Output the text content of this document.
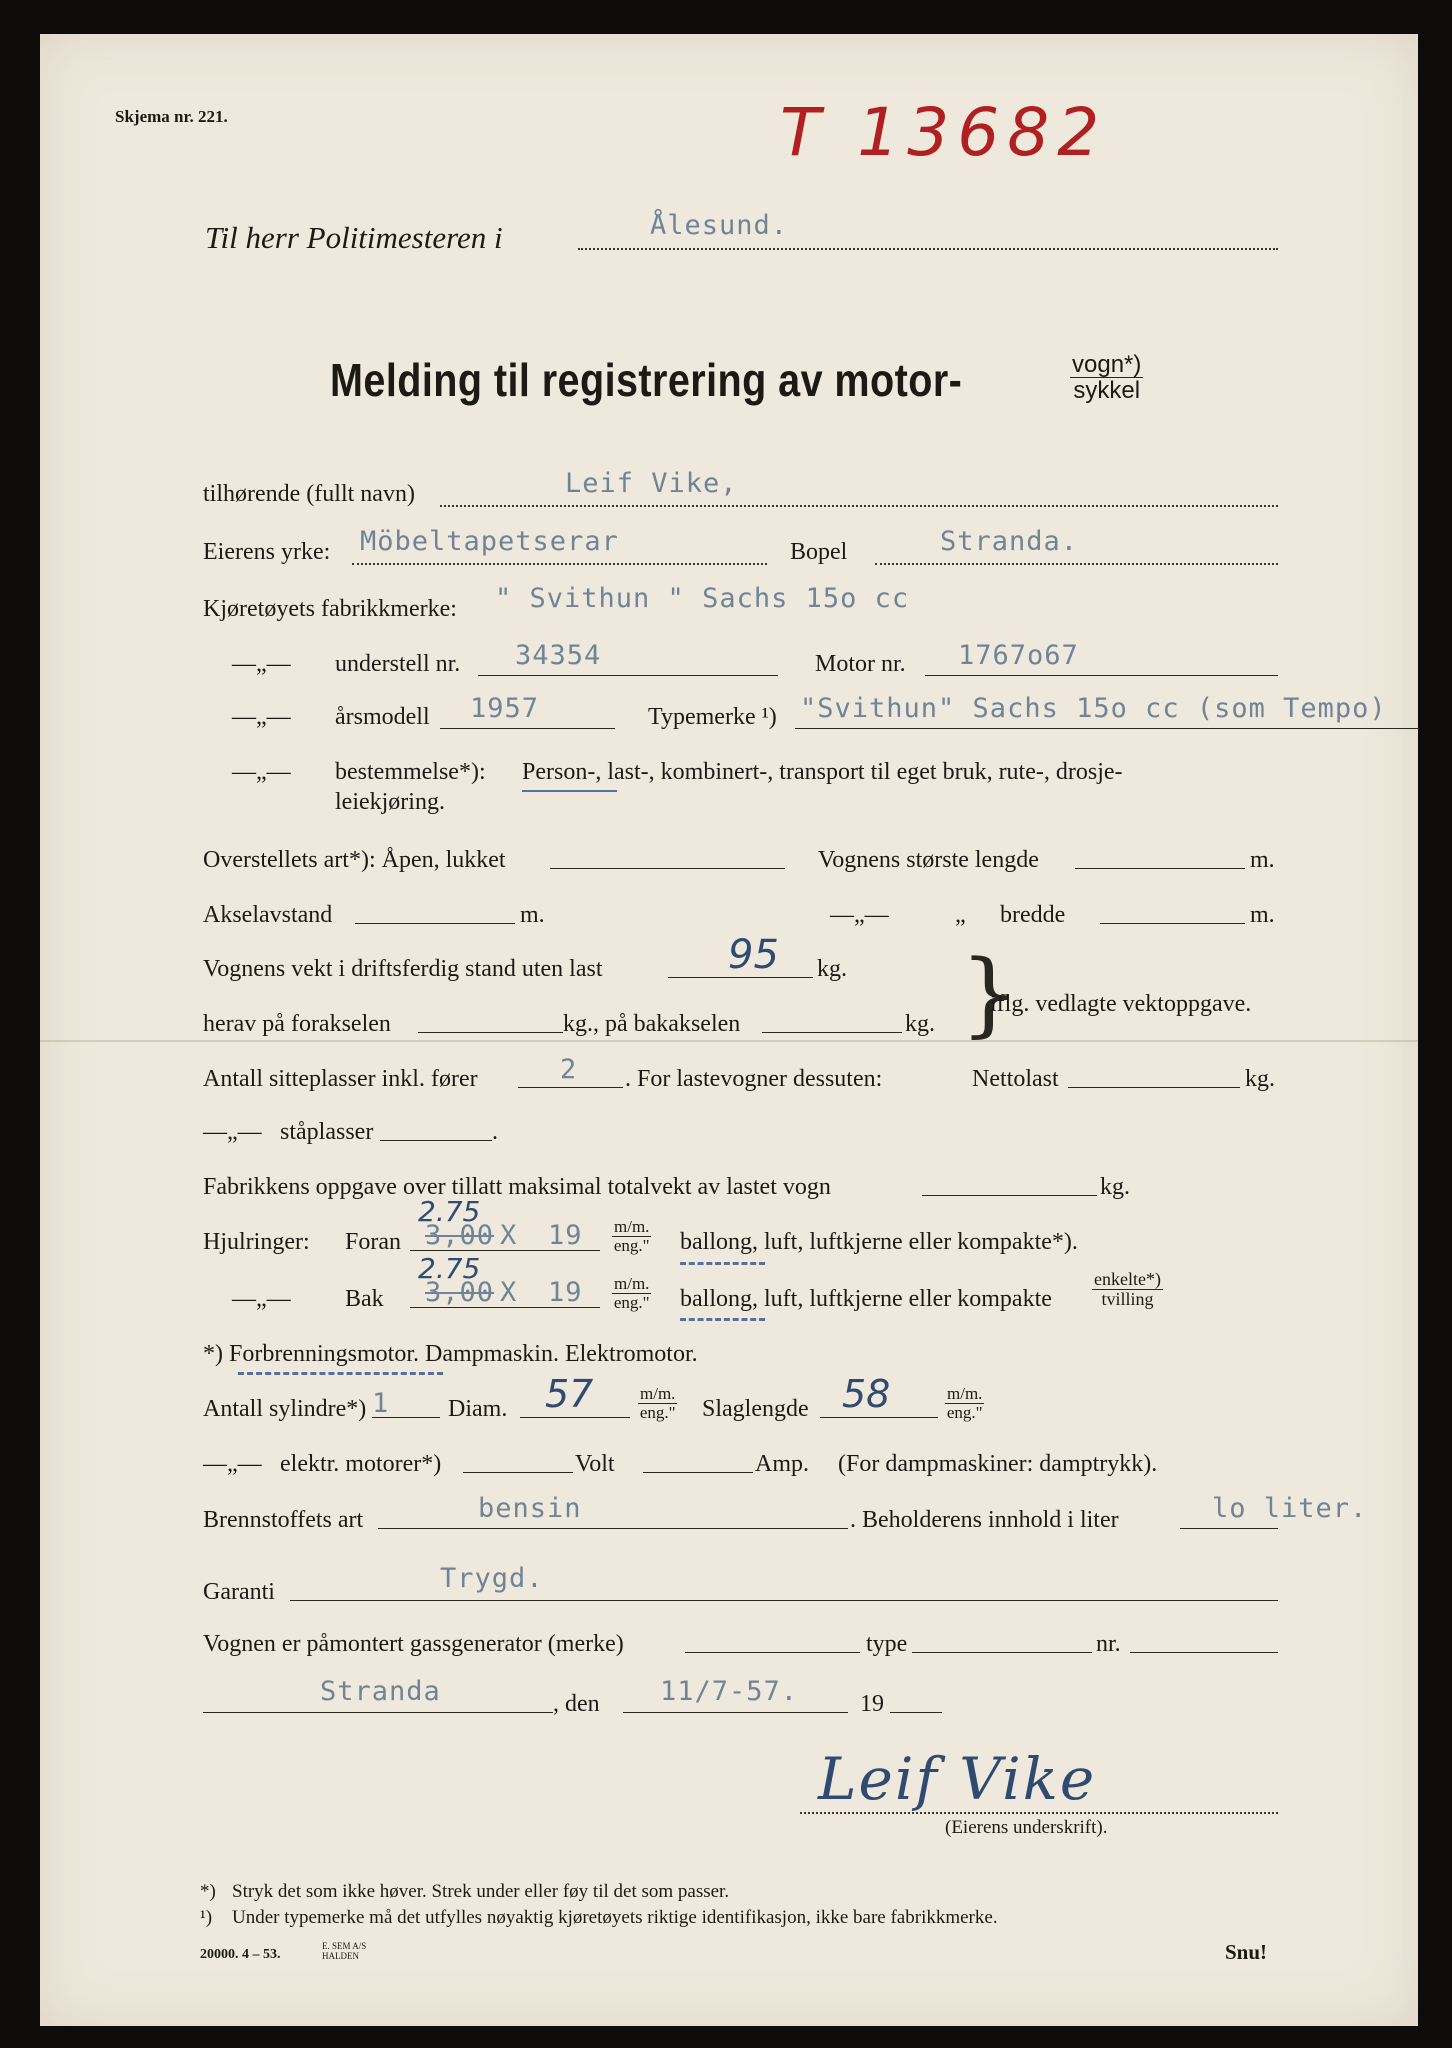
Skjema nr. 221.	T 13682
Til herr Politimesteren i	Ålesund.
Melding til registrering av motor-	vogn*)
sykkel
tilhørende (fullt navn)	Leif Vike,
Eierens yrke: Möbeltapetserar	Bopel	Stranda.
Kjøretøyets fabrikkmerke: " Svithun " Sachs 15o cc
—„— understell nr. 34354	Motor nr. 1767o67
—„— årsmodell 1957	Typemerke ¹) "Svithun" Sachs 15o cc (som Tempo)
—„— bestemmelse*): Person-, last-, kombinert-, transport til eget bruk, rute-, drosje-
leiekjøring.
Overstellets art*): Åpen, lukket	Vognens største lengde	m.
Akselavstand	m.	—„—	„ bredde	m.
Vognens vekt i driftsferdig stand uten last	95 kg. }
iflg. vedlagte vektoppgave.
herav på forakselen	kg., på bakakselen	kg.
Antall sitteplasser inkl. fører	2 . For lastevogner dessuten:	Nettolast	kg.
—„— ståplasser	.
Fabrikkens oppgave over tillatt maksimal totalvekt av lastet vogn	kg.
Hjulringer: Foran
2.75
3,00 X 19 m/m.
eng." ballong, luft, luftkjerne eller kompakte*).
—„— Bak
2.75
3,00 X 19 m/m.
eng." ballong, luft, luftkjerne eller kompakte
enkelte*)
tvilling
*) Forbrenningsmotor. Dampmaskin. Elektromotor.
Antall sylindre*) 1 Diam. 57	m/m.
eng." Slaglengde 58	m/m.
eng."
—„— elektr. motorer*)	Volt	Amp. (For dampmaskiner: damptrykk).
Brennstoffets art	bensin	. Beholderens innhold i liter	lo liter.
Garanti	Trygd.
Vognen er påmontert gassgenerator (merke)	type	nr.
Stranda	, den 11/7-57.	19
Leif Vike
(Eierens underskrift).
*) Stryk det som ikke høver. Strek under eller føy til det som passer.
¹) Under typemerke må det utfylles nøyaktig kjøretøyets riktige identifikasjon, ikke bare fabrikkmerke.
20000. 4 – 53.
E. SEM A/S
HALDEN	Snu!
